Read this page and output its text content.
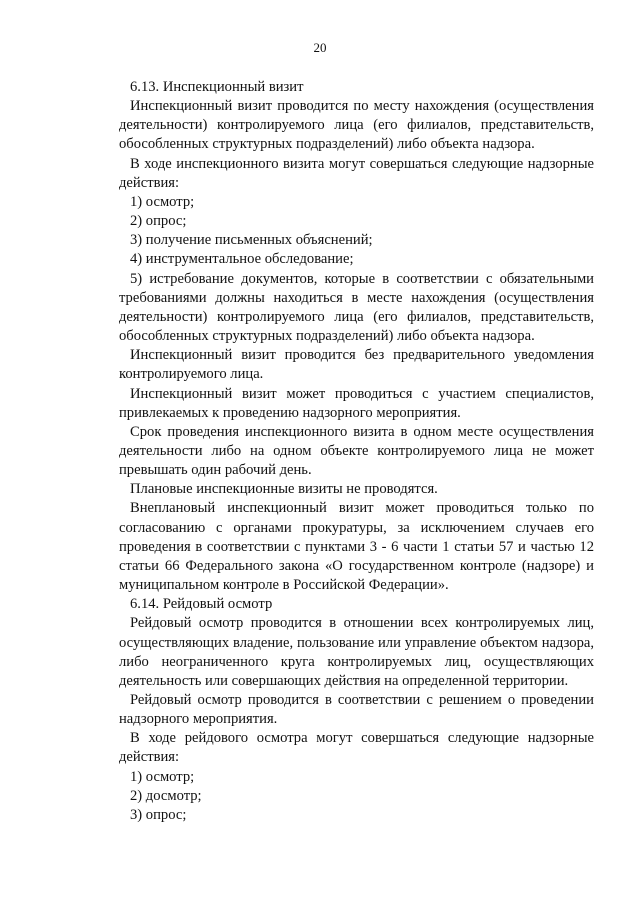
20

6.13. Инспекционный визит

Инспекционный визит проводится по месту нахождения (осуществления деятельности) контролируемого лица (его филиалов, представительств, обособленных структурных подразделений) либо объекта надзора.

В ходе инспекционного визита могут совершаться следующие надзорные действия:

1) осмотр;

2) опрос;

3) получение письменных объяснений;

4) инструментальное обследование;

5) истребование документов, которые в соответствии с обязательными требованиями должны находиться в месте нахождения (осуществления деятельности) контролируемого лица (его филиалов, представительств, обособленных структурных подразделений) либо объекта надзора.

Инспекционный визит проводится без предварительного уведомления контролируемого лица.

Инспекционный визит может проводиться с участием специалистов, привлекаемых к проведению надзорного мероприятия.

Срок проведения инспекционного визита в одном месте осуществления деятельности либо на одном объекте контролируемого лица не может превышать один рабочий день.

Плановые инспекционные визиты не проводятся.

Внеплановый инспекционный визит может проводиться только по согласованию с органами прокуратуры, за исключением случаев его проведения в соответствии с пунктами 3 - 6 части 1 статьи 57 и частью 12 статьи 66 Федерального закона «О государственном контроле (надзоре) и муниципальном контроле в Российской Федерации».

6.14. Рейдовый осмотр

Рейдовый осмотр проводится в отношении всех контролируемых лиц, осуществляющих владение, пользование или управление объектом надзора, либо неограниченного круга контролируемых лиц, осуществляющих деятельность или совершающих действия на определенной территории.

Рейдовый осмотр проводится в соответствии с решением о проведении надзорного мероприятия.

В ходе рейдового осмотра могут совершаться следующие надзорные действия:

1) осмотр;

2) досмотр;

3) опрос;
